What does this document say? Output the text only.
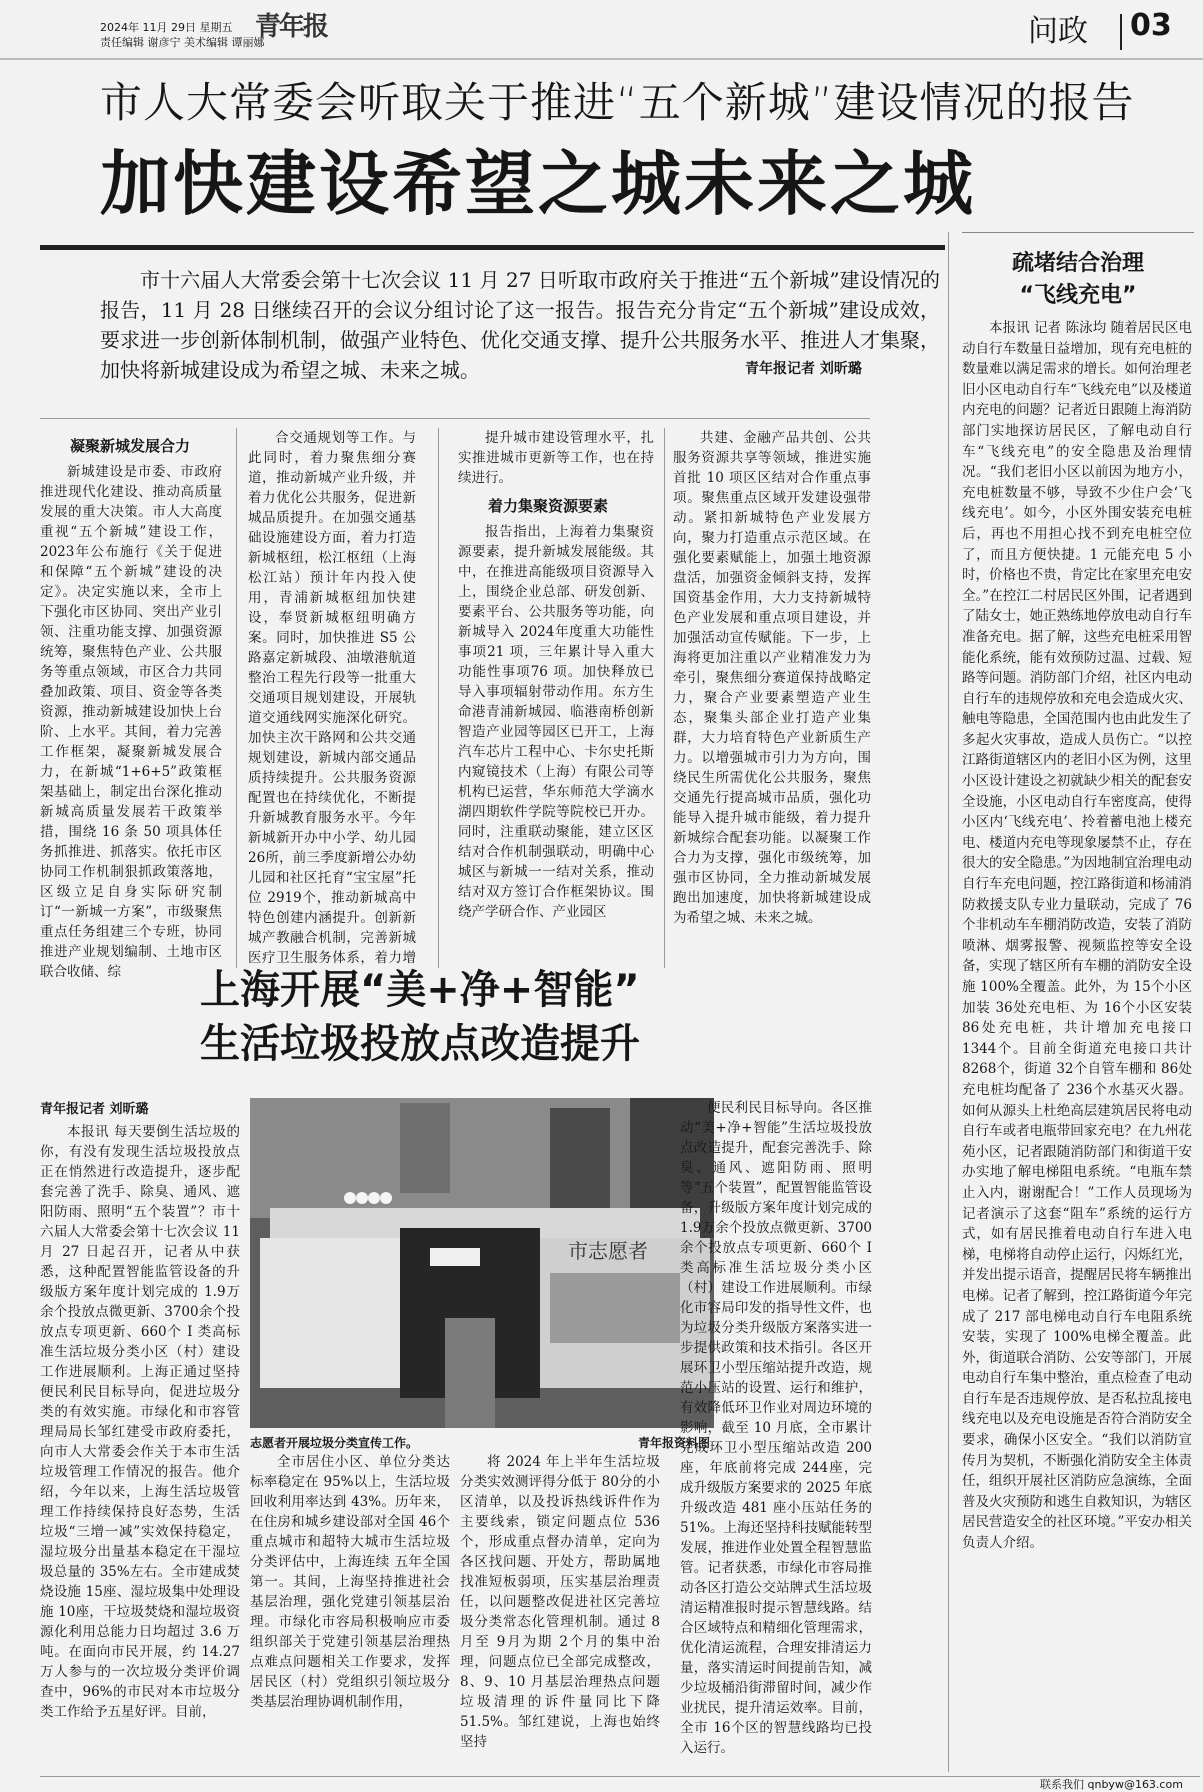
2024年 11月 29日 星期五
责任编辑 谢彦宁 美术编辑 谭丽娜
青年报	问政 03
市人大常委会听取关于推进“五个新城”建设情况的报告
加快建设希望之城未来之城
市十六届人大常委会第十七次会议 11 月 27 日听取市政府关于推进“五个新城”建设情况的报告，11 月 28 日继续召开的会议分组讨论了这一报告。报告充分肯定“五个新城”建设成效，要求进一步创新体制机制，做强产业特色、优化交通支撑、提升公共服务水平、推进人才集聚，加快将新城建设成为希望之城、未来之城。	青年报记者 刘昕璐
凝聚新城发展合力

新城建设是市委、市政府推进现代化建设、推动高质量发展的重大决策。市人大高度重视“五个新城”建设工作，2023年公布施行《关于促进和保障“五个新城”建设的决定》。决定实施以来，全市上下强化市区协同、突出产业引领、注重功能支撑、加强资源统筹，聚焦特色产业、公共服务等重点领域，市区合力共同叠加政策、项目、资金等各类资源，推动新城建设加快上台阶、上水平。其间，着力完善工作框架，凝聚新城发展合力，在新城“1+6+5”政策框架基础上，制定出台深化推动新城高质量发展若干政策举措，围绕 16 条 50 项具体任务抓推进、抓落实。依托市区协同工作机制狠抓政策落地，区级立足自身实际研究制订“一新城一方案”，市级聚焦重点任务组建三个专班，协同推进产业规划编制、土地市区联合收储、综

合交通规划等工作。与此同时，着力聚焦细分赛道，推动新城产业升级，并着力优化公共服务，促进新城品质提升。在加强交通基础设施建设方面，着力打造新城枢纽，松江枢纽（上海松江站）预计年内投入使用，青浦新城枢纽加快建设，奉贤新城枢纽明确方案。同时，加快推进 S5 公路嘉定新城段、油墩港航道整治工程先行段等一批重大交通项目规划建设，开展轨道交通线网实施深化研究。加快主次干路网和公共交通规划建设，新城内部交通品质持续提升。公共服务资源配置也在持续优化，不断提升新城教育服务水平。今年新城新开办中小学、幼儿园 26所，前三季度新增公办幼儿园和社区托育“宝宝屋”托位 2919个，推动新城高中特色创建内涵提升。创新新城产教融合机制，完善新城医疗卫生服务体系，着力增

提升城市建设管理水平，扎实推进城市更新等工作，也在持续进行。

着力集聚资源要素

报告指出，上海着力集聚资源要素，提升新城发展能级。其中，在推进高能级项目资源导入上，围绕企业总部、研发创新、要素平台、公共服务等功能，向新城导入 2024年度重大功能性事项21 项，三年累计导入重大功能性事项76 项。加快释放已导入事项辐射带动作用。东方生命港青浦新城园、临港南桥创新智造产业园等园区已开工，上海汽车芯片工程中心、卡尔史托斯内窥镜技术（上海）有限公司等机构已运营，华东师范大学滴水湖四期软件学院等院校已开办。同时，注重联动聚能，建立区区结对合作机制强联动，明确中心城区与新城一一结对关系，推动结对双方签订合作框架协议。围绕产学研合作、产业园区

共建、金融产品共创、公共服务资源共享等领域，推进实施首批 10 项区区结对合作重点事项。聚焦重点区域开发建设强带动。紧扣新城特色产业发展方向，聚力打造重点示范区域。在强化要素赋能上，加强土地资源盘活，加强资金倾斜支持，发挥国资基金作用，大力支持新城特色产业发展和重点项目建设，并加强活动宣传赋能。下一步，上海将更加注重以产业精准发力为牵引，聚焦细分赛道保持战略定力，聚合产业要素塑造产业生态，聚集头部企业打造产业集群，大力培育特色产业新质生产力。以增强城市引力为方向，围绕民生所需优化公共服务，聚焦交通先行提高城市品质，强化功能导入提升城市能级，着力提升新城综合配套功能。以凝聚工作合力为支撑，强化市级统筹，加强市区协同，全力推动新城发展跑出加速度，加快将新城建设成为希望之城、未来之城。

上海开展“美+净+智能”
生活垃圾投放点改造提升
青年报记者 刘昕璐

本报讯 每天要倒生活垃圾的你，有没有发现生活垃圾投放点正在悄然进行改造提升，逐步配套完善了洗手、除臭、通风、遮阳防雨、照明“五个装置”？市十六届人大常委会第十七次会议 11 月 27 日起召开，记者从中获悉，这种配置智能监管设备的升级版方案年度计划完成的 1.9万余个投放点微更新、3700余个投放点专项更新、660个 I 类高标准生活垃圾分类小区（村）建设工作进展顺利。上海正通过坚持便民利民目标导向，促进垃圾分类的有效实施。市绿化和市容管理局局长邹红建受市政府委托，向市人大常委会作关于本市生活垃圾管理工作情况的报告。他介绍，今年以来，上海生活垃圾管理工作持续保持良好态势，生活垃圾“三增一减”实效保持稳定，湿垃圾分出量基本稳定在干湿垃圾总量的 35%左右。全市建成焚烧设施 15座、湿垃圾集中处理设施 10座，干垃圾焚烧和湿垃圾资源化利用总能力日均超过 3.6 万吨。在面向市民开展，约 14.27 万人参与的一次垃圾分类评价调查中，96%的市民对本市垃圾分类工作给予五星好评。目前，

市志愿者
志愿者开展垃圾分类宣传工作。	青年报资料图

全市居住小区、单位分类达标率稳定在 95%以上，生活垃圾回收利用率达到 43%。历年来，在住房和城乡建设部对全国 46个重点城市和超特大城市生活垃圾分类评估中，上海连续 五年全国第一。其间，上海坚持推进社会基层治理，强化党建引领基层治理。市绿化市容局积极响应市委组织部关于党建引领基层治理热点难点问题相关工作要求，发挥居民区（村）党组织引领垃圾分类基层治理协调机制作用，

将 2024 年上半年生活垃圾分类实效测评得分低于 80分的小区清单，以及投诉热线诉件作为主要线索，锁定问题点位 536个，形成重点督办清单，定向为各区找问题、开处方，帮助属地找准短板弱项，压实基层治理责任，以问题整改促进社区完善垃圾分类常态化管理机制。通过 8月至 9月为期 2个月的集中治理，问题点位已全部完成整改，8、9、10 月基层治理热点问题垃圾清理的诉件量同比下降 51.5%。邹红建说，上海也始终坚持

便民利民目标导向。各区推动“美+净+智能”生活垃圾投放点改造提升，配套完善洗手、除臭、通风、遮阳防雨、照明等“五个装置”，配置智能监管设备，升级版方案年度计划完成的 1.9万余个投放点微更新、3700余个投放点专项更新、660个 I 类高标准生活垃圾分类小区（村）建设工作进展顺利。市绿化市容局印发的指导性文件，也为垃圾分类升级版方案落实进一步提供政策和技术指引。各区开展环卫小型压缩站提升改造，规范小压站的设置、运行和维护，有效降低环卫作业对周边环境的影响，截至 10 月底，全市累计完成环卫小型压缩站改造 200座，年底前将完成 244座，完成升级版方案要求的 2025 年底升级改造 481 座小压站任务的 51%。上海还坚持科技赋能转型发展，推进作业处置全程智慧监管。记者获悉，市绿化市容局推动各区打造公交站牌式生活垃圾清运精准报时提示智慧线路。结合区域特点和精细化管理需求，优化清运流程，合理安排清运力量，落实清运时间提前告知，减少垃圾桶沿街滞留时间，减少作业扰民，提升清运效率。目前，全市 16个区的智慧线路均已投入运行。

疏堵结合治理
“飞线充电”

本报讯 记者 陈泳均 随着居民区电动自行车数量日益增加，现有充电桩的数量难以满足需求的增长。如何治理老旧小区电动自行车“飞线充电”以及楼道内充电的问题？记者近日跟随上海消防部门实地探访居民区，了解电动自行车“飞线充电”的安全隐患及治理情况。“我们老旧小区以前因为地方小，充电桩数量不够，导致不少住户会‘飞线充电’。如今，小区外围安装充电桩后，再也不用担心找不到充电桩空位了，而且方便快捷。1 元能充电 5 小时，价格也不贵，肯定比在家里充电安全。”在控江二村居民区外围，记者遇到了陆女士，她正熟练地停放电动自行车准备充电。据了解，这些充电桩采用智能化系统，能有效预防过温、过载、短路等问题。消防部门介绍，社区内电动自行车的违规停放和充电会造成火灾、触电等隐患，全国范围内也由此发生了多起火灾事故，造成人员伤亡。“以控江路街道辖区内的老旧小区为例，这里小区设计建设之初就缺少相关的配套安全设施，小区电动自行车密度高，使得小区内‘飞线充电’、拎着蓄电池上楼充电、楼道内充电等现象屡禁不止，存在很大的安全隐患。”为因地制宜治理电动自行车充电问题，控江路街道和杨浦消防救援支队专业力量联动，完成了 76个非机动车车棚消防改造，安装了消防喷淋、烟雾报警、视频监控等安全设备，实现了辖区所有车棚的消防安全设施 100%全覆盖。此外，为 15个小区加装 36处充电柜、为 16个小区安装 86处充电桩，共计增加充电接口 1344个。目前全街道充电接口共计8268个，街道 32个自管车棚和 86处充电桩均配备了 236个水基灭火器。如何从源头上杜绝高层建筑居民将电动自行车或者电瓶带回家充电？在九州花苑小区，记者跟随消防部门和街道干安办实地了解电梯阻电系统。“电瓶车禁止入内，谢谢配合！”工作人员现场为记者演示了这套“阻车”系统的运行方式，如有居民推着电动自行车进入电梯，电梯将自动停止运行，闪烁红光，并发出提示语音，提醒居民将车辆推出电梯。记者了解到，控江路街道今年完成了 217 部电梯电动自行车电阻系统安装，实现了 100%电梯全覆盖。此外，街道联合消防、公安等部门，开展电动自行车集中整治，重点检查了电动自行车是否违规停放、是否私拉乱接电线充电以及充电设施是否符合消防安全要求，确保小区安全。“我们以消防宣传月为契机，不断强化消防安全主体责任，组织开展社区消防应急演练，全面普及火灾预防和逃生自救知识，为辖区居民营造安全的社区环境。”平安办相关负责人介绍。

联系我们 qnbyw@163.com
